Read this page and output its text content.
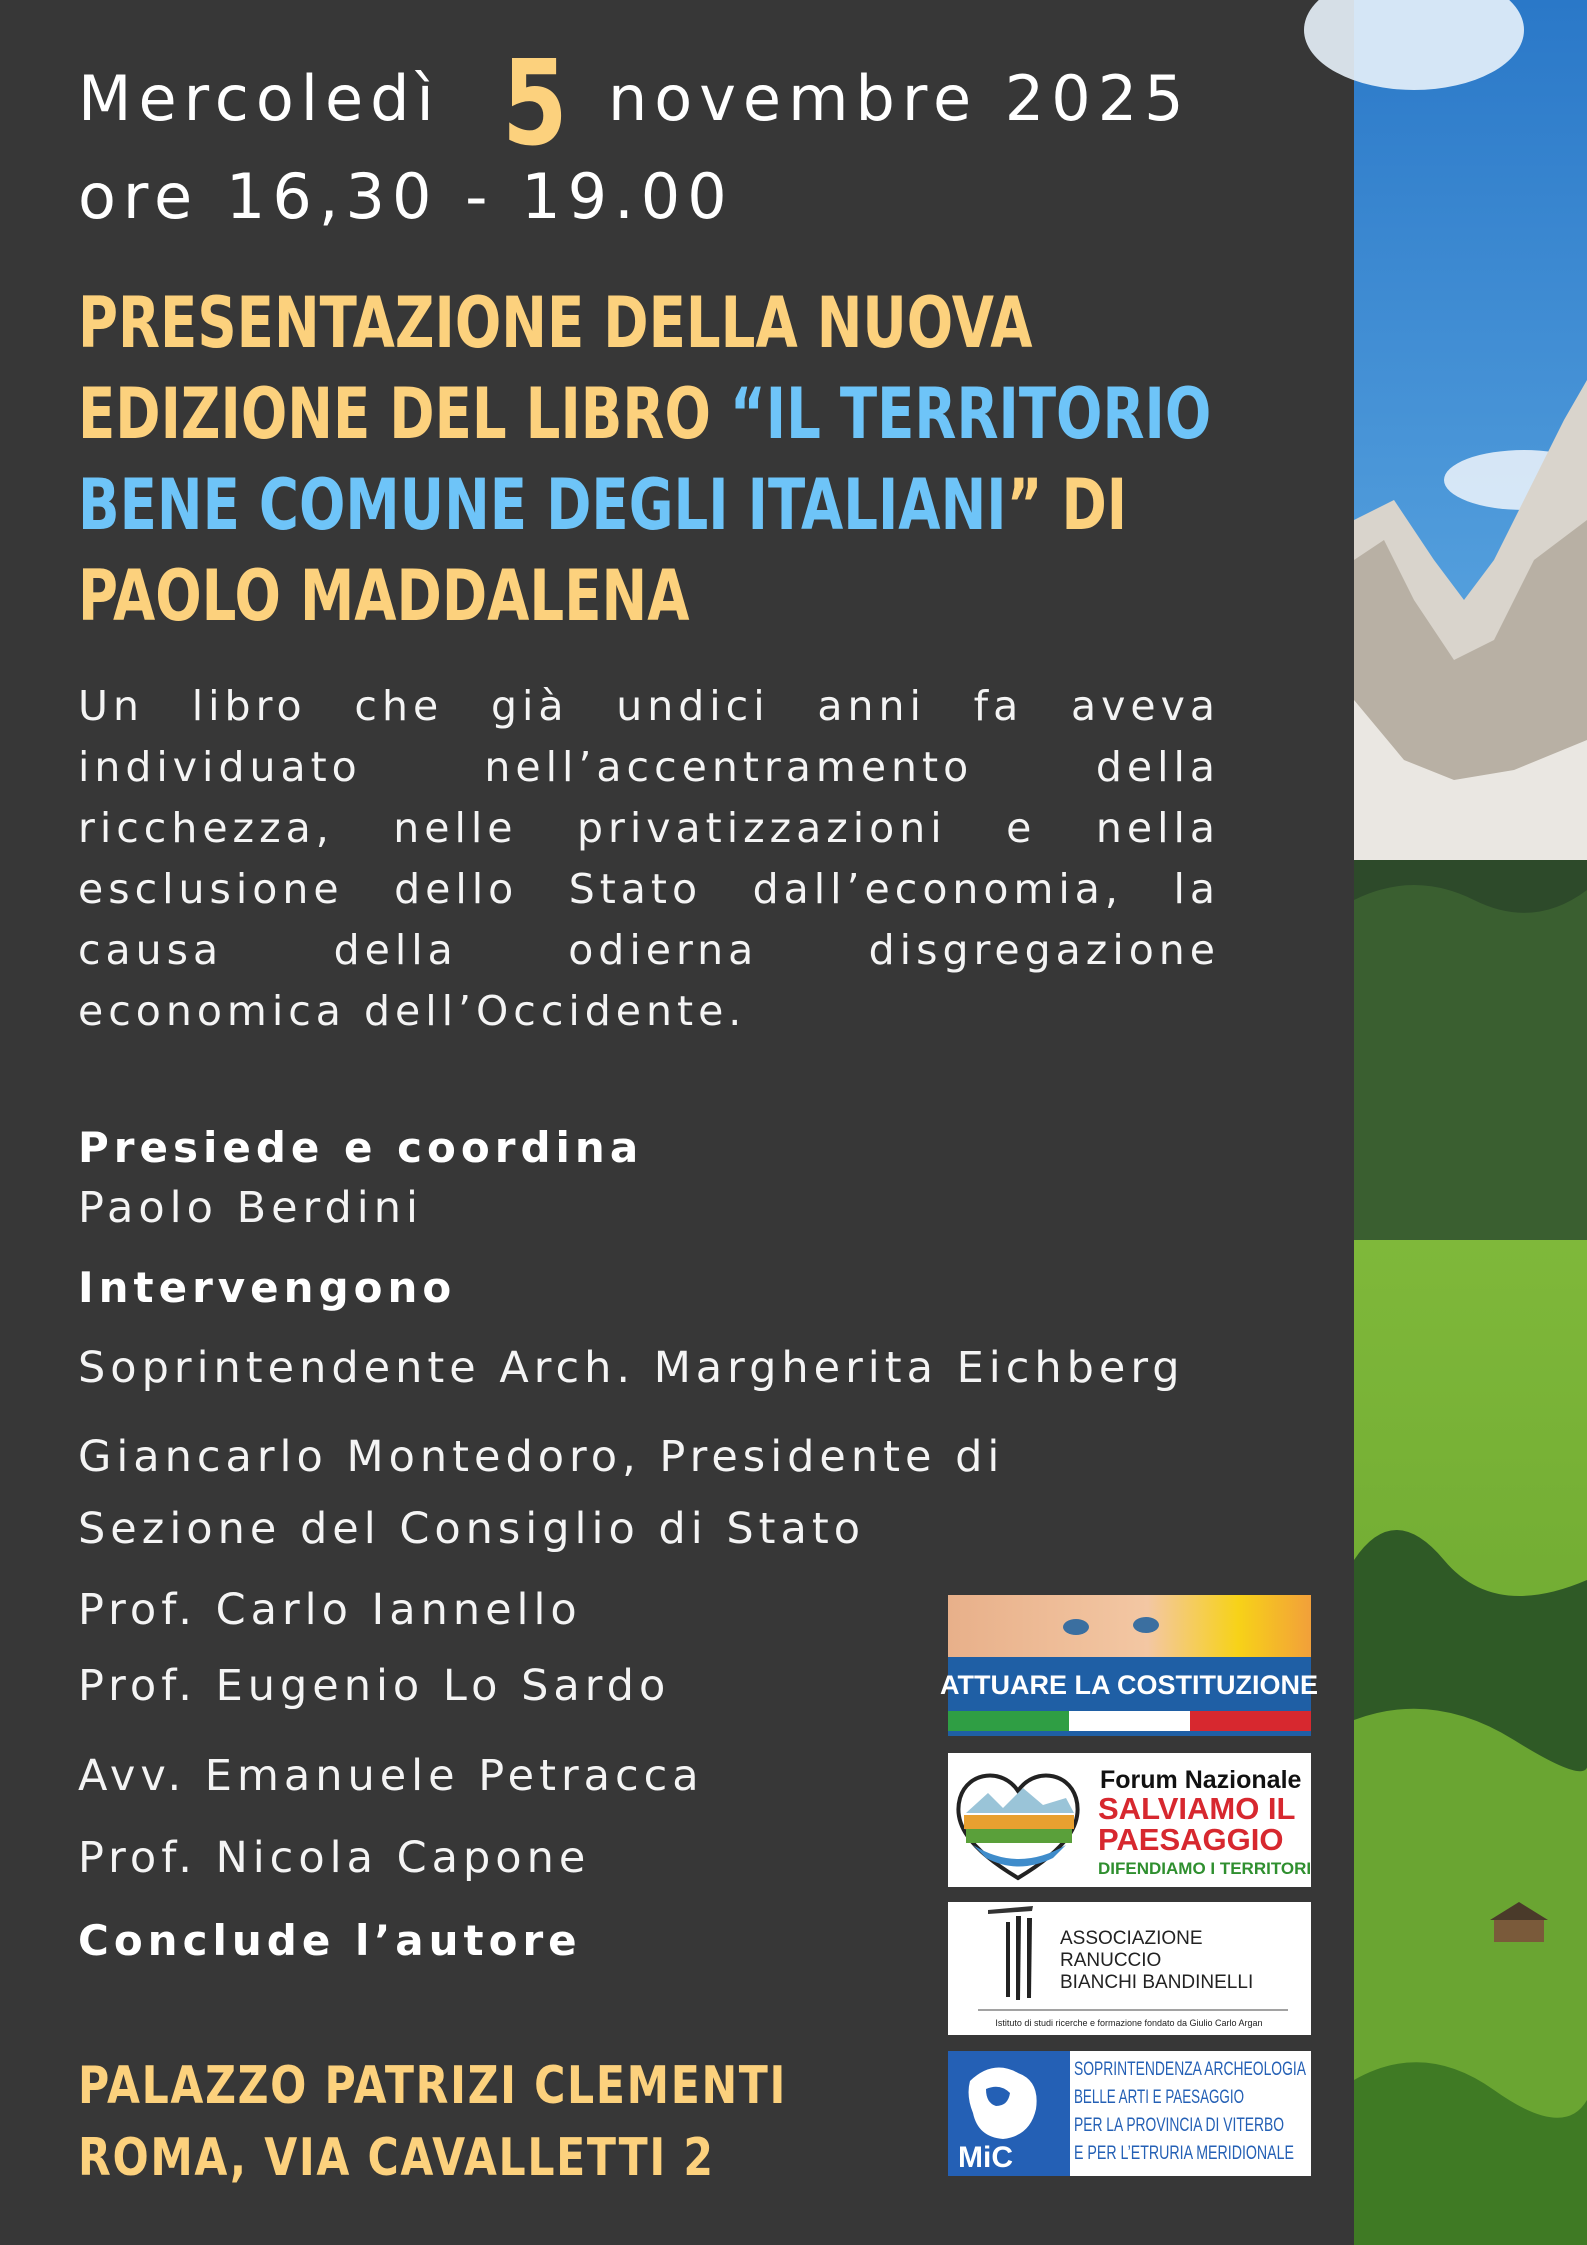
Mercoledì 5 novembre 2025
ore 16,30 - 19.00
PRESENTAZIONE DELLA NUOVA
EDIZIONE DEL LIBRO “IL TERRITORIO
BENE COMUNE DEGLI ITALIANI” DI
PAOLO MADDALENA
Un libro che già undici anni fa aveva
individuato nell’accentramento della
ricchezza, nelle privatizzazioni e nella
esclusione dello Stato dall’economia, la
causa della odierna disgregazione
economica dell’Occidente.
Presiede e coordina
Paolo Berdini
Intervengono
Soprintendente Arch. Margherita Eichberg
Giancarlo Montedoro, Presidente di
Sezione del Consiglio di Stato
Prof. Carlo Iannello
Prof. Eugenio Lo Sardo
Avv. Emanuele Petracca
Prof. Nicola Capone
Conclude l’autore
PALAZZO PATRIZI CLEMENTI
ROMA, VIA CAVALLETTI 2
ATTUARE LA COSTITUZIONE
Forum Nazionale
SALVIAMO IL
PAESAGGIO
DIFENDIAMO I TERRITORI
ASSOCIAZIONE
RANUCCIO
BIANCHI BANDINELLI
Istituto di studi ricerche e formazione fondato da Giulio Carlo Argan
MiC
SOPRINTENDENZA ARCHEOLOGIA
BELLE ARTI E PAESAGGIO
PER LA PROVINCIA DI VITERBO
E PER L’ETRURIA MERIDIONALE
